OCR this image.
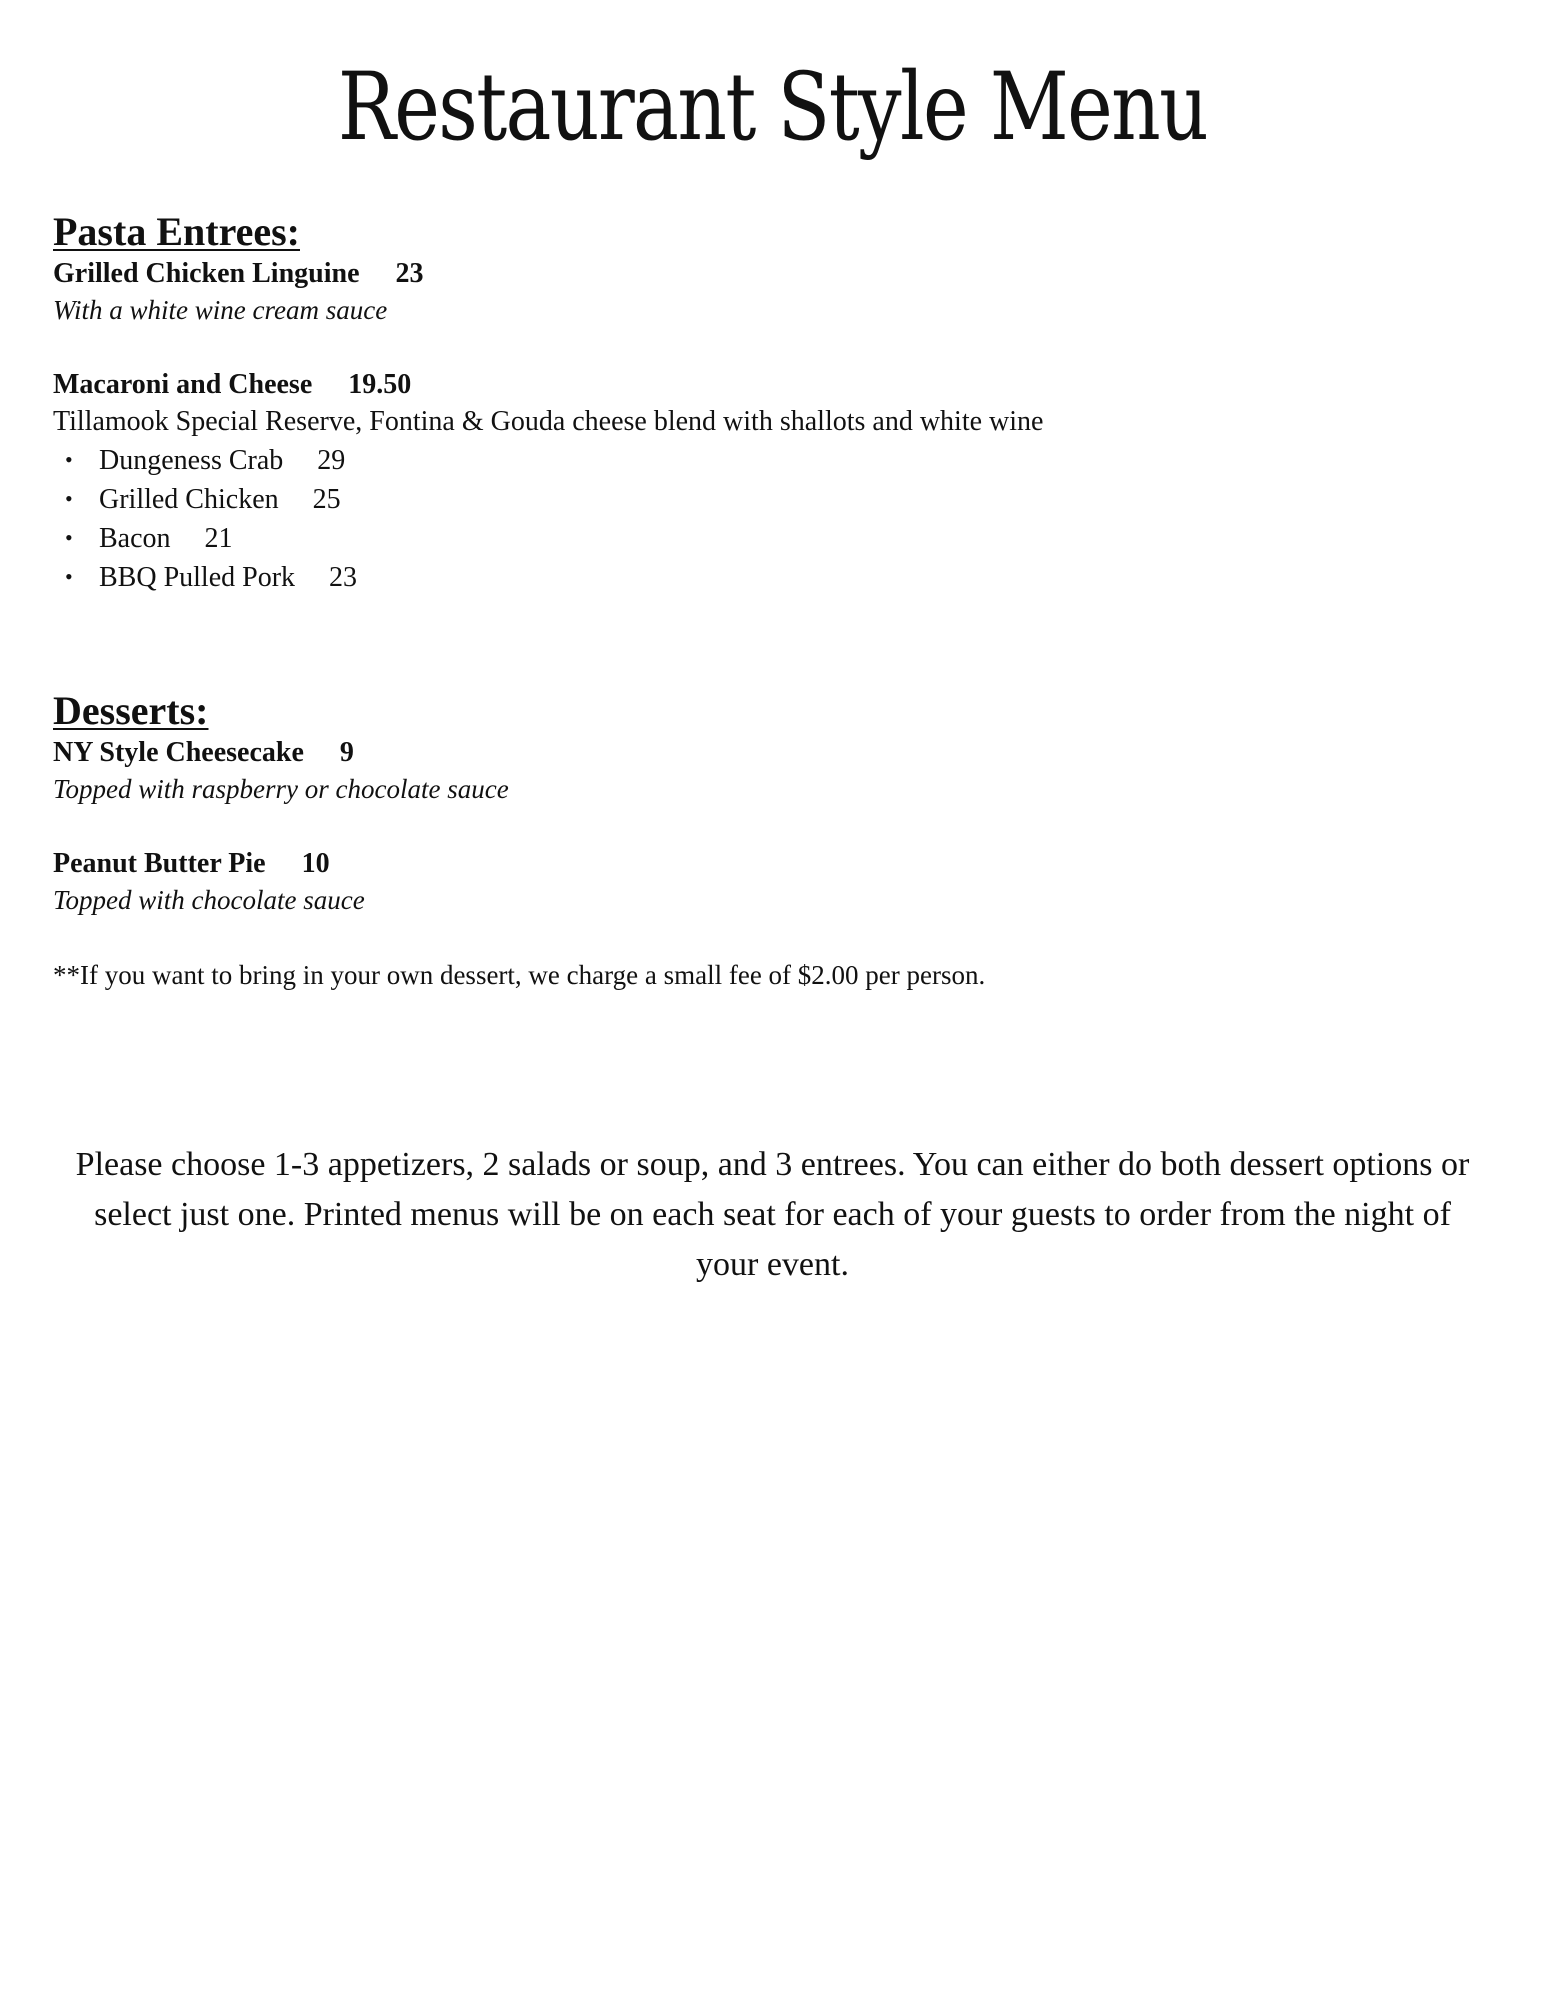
Restaurant Style Menu
Pasta Entrees:

Grilled Chicken Linguine 23

With a white wine cream sauce

Macaroni and Cheese 19.50

Tillamook Special Reserve, Fontina & Gouda cheese blend with shallots and white wine

• Dungeness Crab 29
• Grilled Chicken 25
• Bacon 21
• BBQ Pulled Pork 23
Desserts:

NY Style Cheesecake 9

Topped with raspberry or chocolate sauce

Peanut Butter Pie 10

Topped with chocolate sauce

**If you want to bring in your own dessert, we charge a small fee of $2.00 per person.

Please choose 1-3 appetizers, 2 salads or soup, and 3 entrees. You can either do both dessert options or select just one. Printed menus will be on each seat for each of your guests to order from the night of your event.
